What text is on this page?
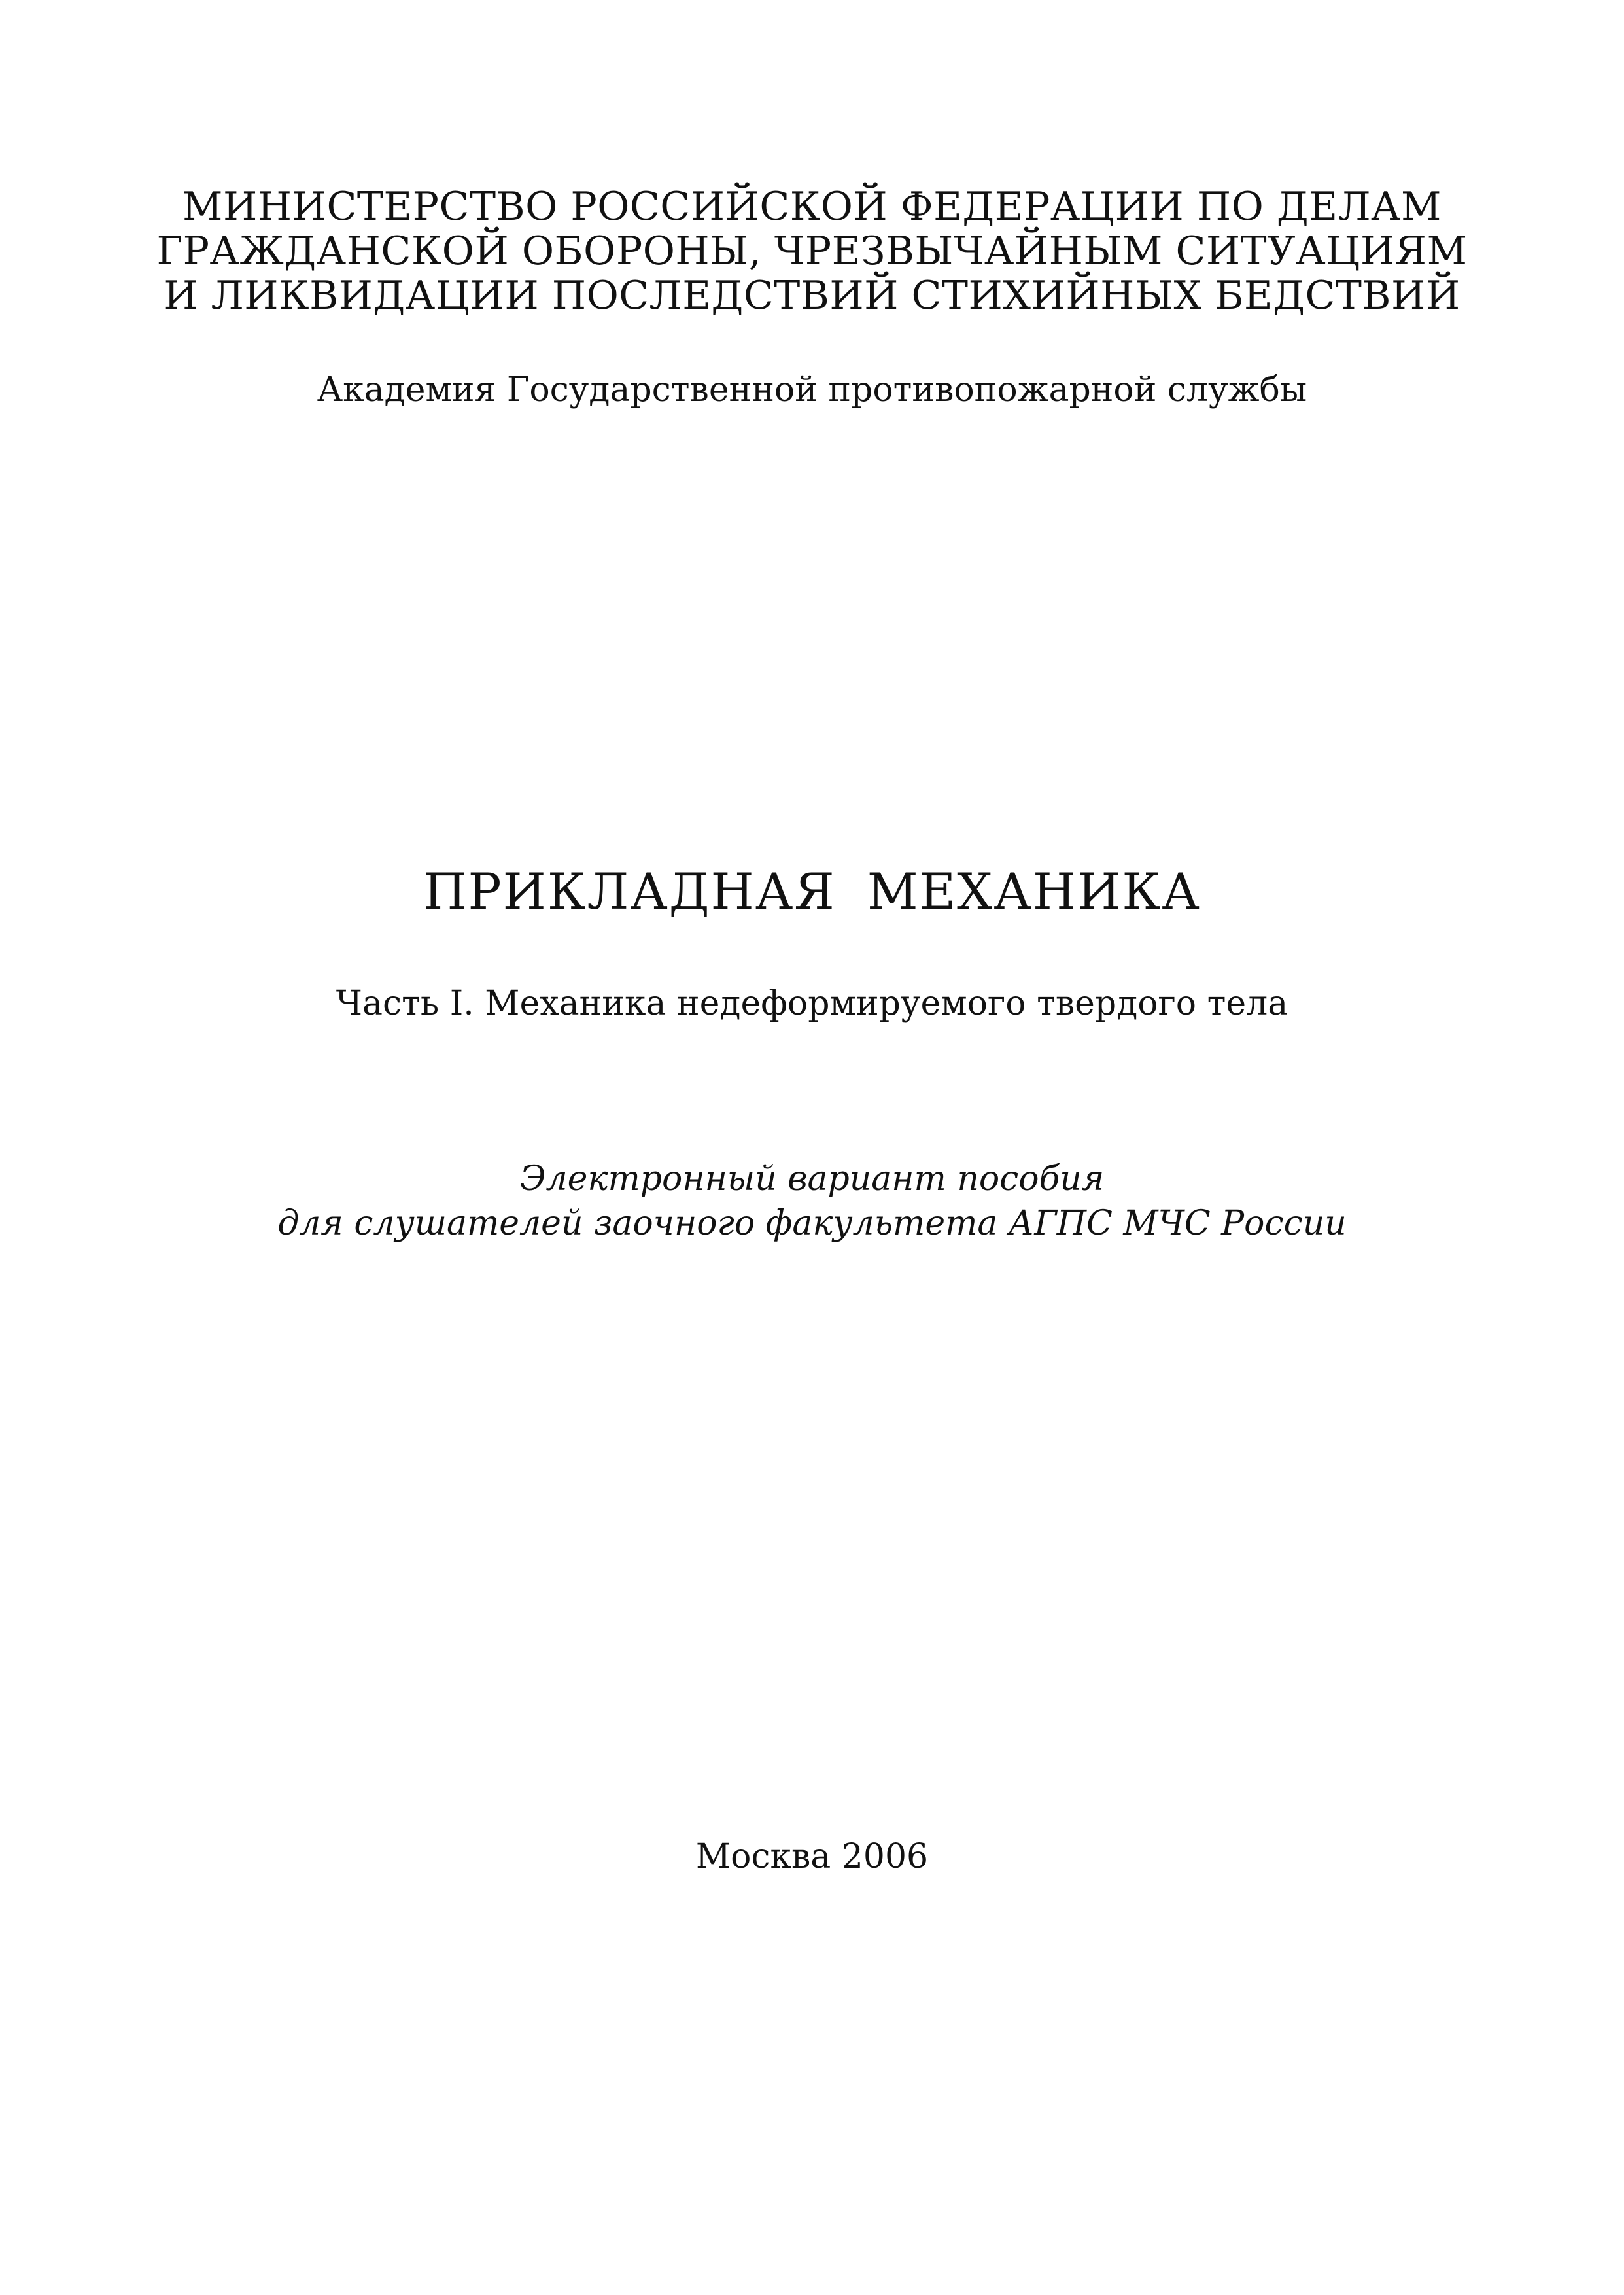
МИНИСТЕРСТВО РОССИЙСКОЙ ФЕДЕРАЦИИ ПО ДЕЛАМ
ГРАЖДАНСКОЙ ОБОРОНЫ, ЧРЕЗВЫЧАЙНЫМ СИТУАЦИЯМ
И ЛИКВИДАЦИИ ПОСЛЕДСТВИЙ СТИХИЙНЫХ БЕДСТВИЙ
Академия Государственной противопожарной службы
ПРИКЛАДНАЯ МЕХАНИКА
Часть I. Механика недеформируемого твердого тела
Электронный вариант пособия
для слушателей заочного факультета АГПС МЧС России
Москва 2006
